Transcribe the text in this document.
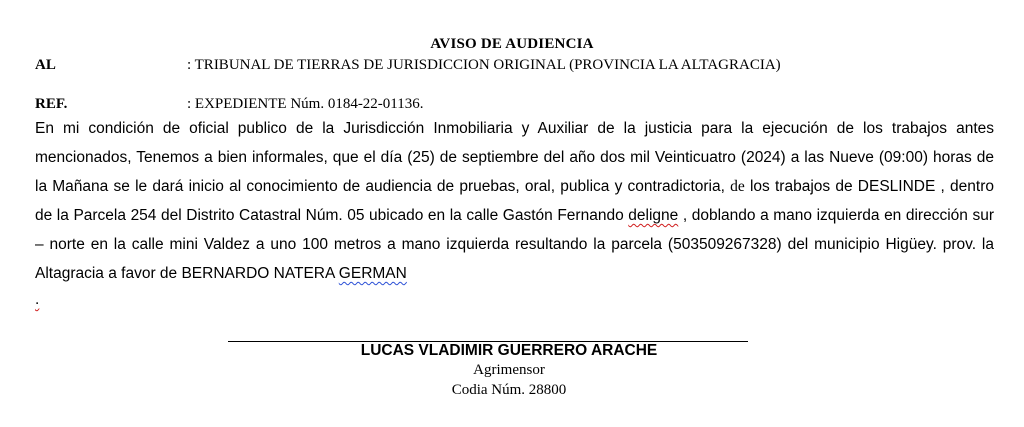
AVISO DE AUDIENCIA
AL	: TRIBUNAL DE TIERRAS DE JURISDICCION ORIGINAL (PROVINCIA LA ALTAGRACIA)
REF.	: EXPEDIENTE Núm. 0184-22-01136.

En mi condición de oficial publico de la Jurisdicción Inmobiliaria y Auxiliar de la justicia para la ejecución de los trabajos antes mencionados, Tenemos a bien informales, que el día (25) de septiembre del año dos mil Veinticuatro (2024) a las Nueve (09:00) horas de la Mañana se le dará inicio al conocimiento de audiencia de pruebas, oral, publica y contradictoria, de los trabajos de DESLINDE , dentro de la Parcela 254 del Distrito Catastral Núm. 05 ubicado en la calle Gastón Fernando deligne , doblando a mano izquierda en dirección sur – norte en la calle mini Valdez a uno 100 metros a mano izquierda resultando la parcela (503509267328) del municipio Higüey. prov. la Altagracia a favor de BERNARDO NATERA GERMAN

.
LUCAS VLADIMIR GUERRERO ARACHE
Agrimensor
Codia Núm. 28800
